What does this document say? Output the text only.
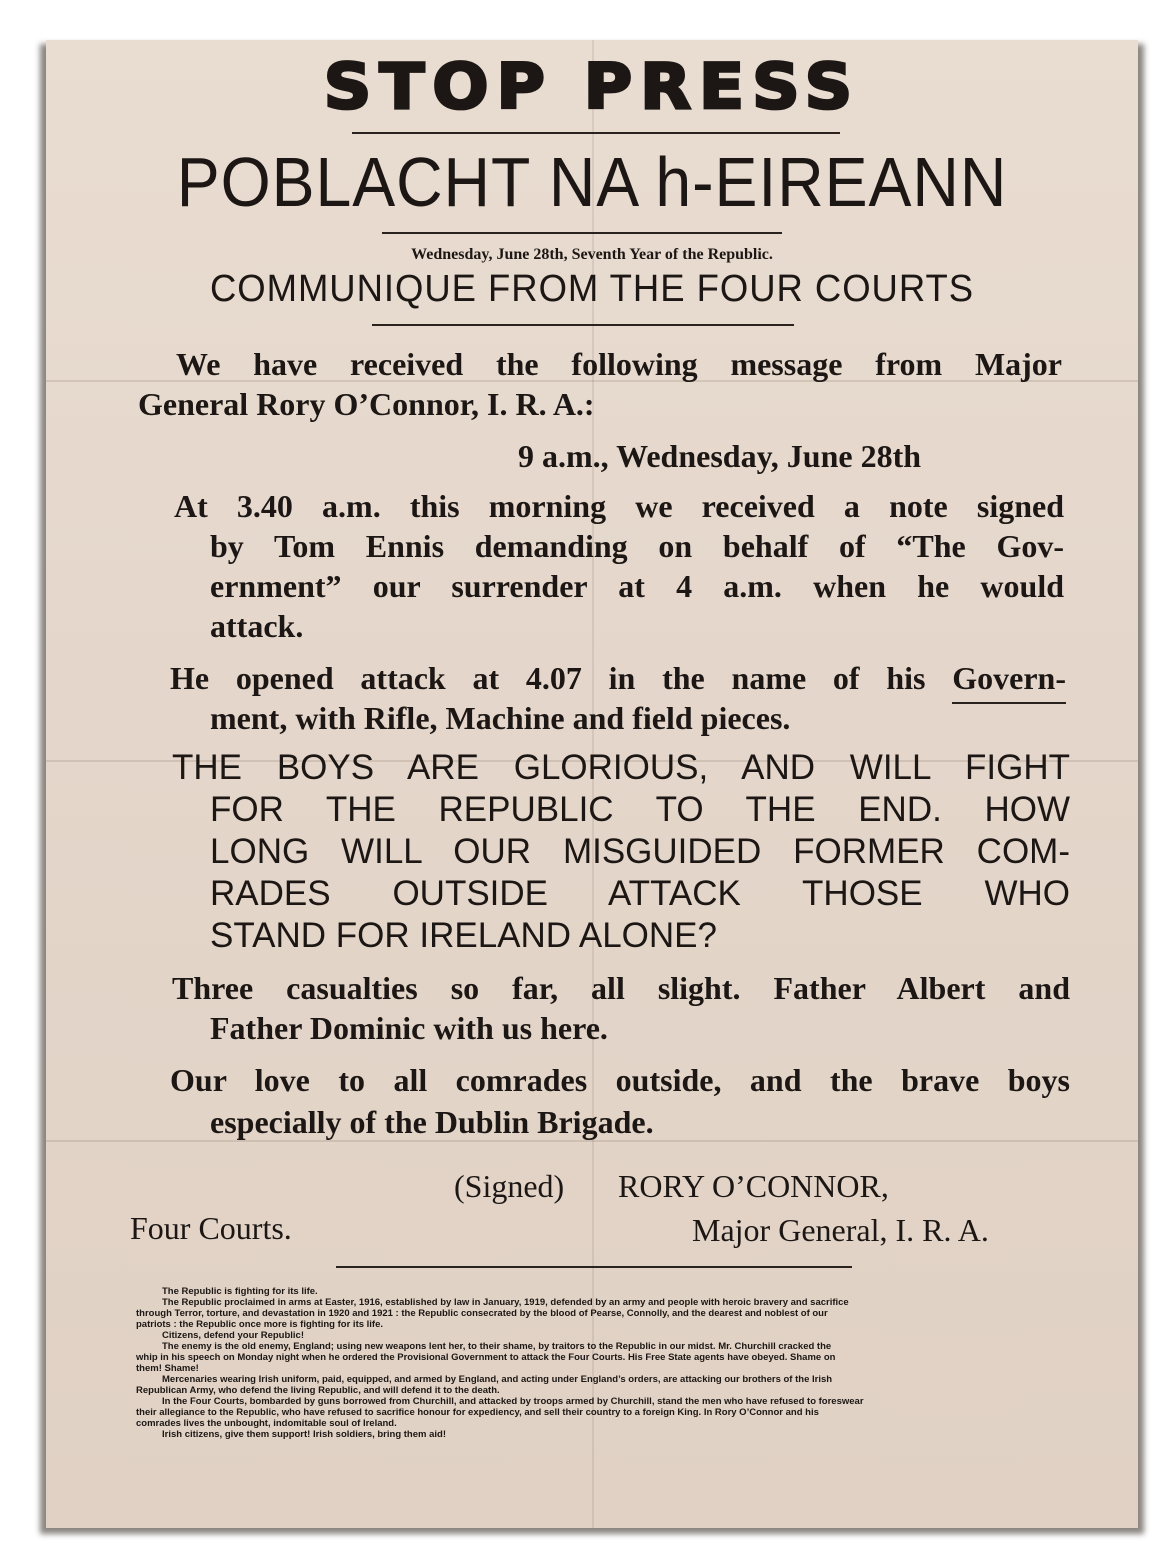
STOP PRESS
POBLACHT NA h-EIREANN
Wednesday, June 28th, Seventh Year of the Republic.
COMMUNIQUE FROM THE FOUR COURTS
We have received the following message from Major
General Rory O’Connor, I. R. A.:
9 a.m., Wednesday, June 28th
At 3.40 a.m. this morning we received a note signed
by Tom Ennis demanding on behalf of “The Gov-
ernment” our surrender at 4 a.m. when he would
attack.
He opened attack at 4.07 in the name of his Govern-
ment, with Rifle, Machine and field pieces.
THE BOYS ARE GLORIOUS, AND WILL FIGHT
FOR THE REPUBLIC TO THE END. HOW
LONG WILL OUR MISGUIDED FORMER COM-
RADES OUTSIDE ATTACK THOSE WHO
STAND FOR IRELAND ALONE?
Three casualties so far, all slight. Father Albert and
Father Dominic with us here.
Our love to all comrades outside, and the brave boys
especially of the Dublin Brigade.
(Signed) RORY O’CONNOR,
Four Courts.	Major General, I. R. A.
The Republic is fighting for its life.
The Republic proclaimed in arms at Easter, 1916, established by law in January, 1919, defended by an army and people with heroic bravery and sacrifice
through Terror, torture, and devastation in 1920 and 1921 : the Republic consecrated by the blood of Pearse, Connolly, and the dearest and noblest of our
patriots : the Republic once more is fighting for its life.
Citizens, defend your Republic!
The enemy is the old enemy, England; using new weapons lent her, to their shame, by traitors to the Republic in our midst. Mr. Churchill cracked the
whip in his speech on Monday night when he ordered the Provisional Government to attack the Four Courts. His Free State agents have obeyed. Shame on
them! Shame!
Mercenaries wearing Irish uniform, paid, equipped, and armed by England, and acting under England’s orders, are attacking our brothers of the Irish
Republican Army, who defend the living Republic, and will defend it to the death.
In the Four Courts, bombarded by guns borrowed from Churchill, and attacked by troops armed by Churchill, stand the men who have refused to foreswear
their allegiance to the Republic, who have refused to sacrifice honour for expediency, and sell their country to a foreign King. In Rory O’Connor and his
comrades lives the unbought, indomitable soul of Ireland.
Irish citizens, give them support! Irish soldiers, bring them aid!
